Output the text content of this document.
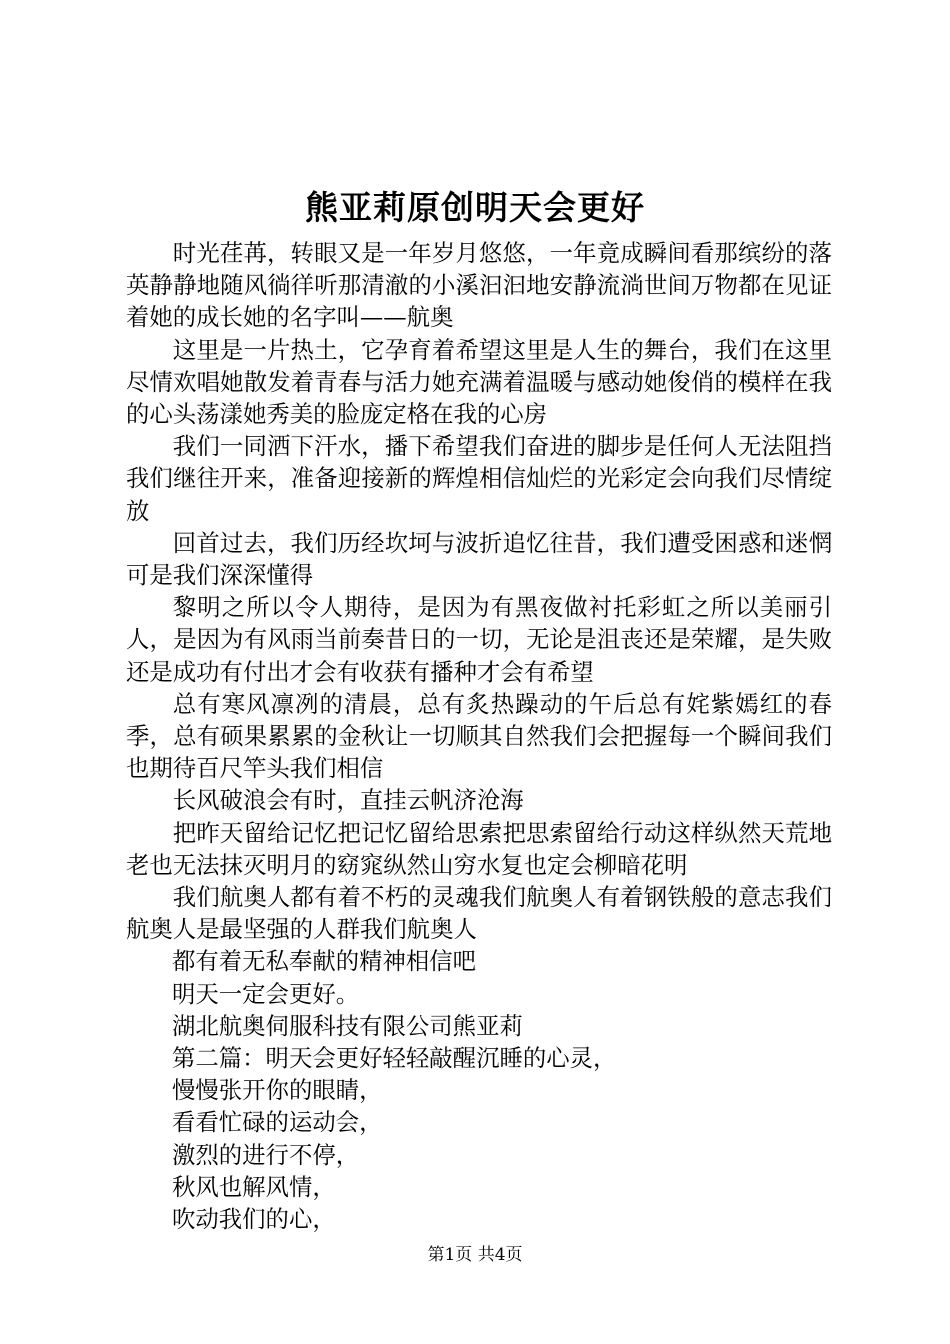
熊亚莉原创明天会更好

时光荏苒，转眼又是一年岁月悠悠，一年竟成瞬间看那缤纷的落英静静地随风徜徉听那清澈的小溪汩汩地安静流淌世间万物都在见证着她的成长她的名字叫——航奥

这里是一片热土，它孕育着希望这里是人生的舞台，我们在这里尽情欢唱她散发着青春与活力她充满着温暖与感动她俊俏的模样在我的心头荡漾她秀美的脸庞定格在我的心房

我们一同洒下汗水，播下希望我们奋进的脚步是任何人无法阻挡我们继往开来，准备迎接新的辉煌相信灿烂的光彩定会向我们尽情绽放

回首过去，我们历经坎坷与波折追忆往昔，我们遭受困惑和迷惘可是我们深深懂得

黎明之所以令人期待，是因为有黑夜做衬托彩虹之所以美丽引人，是因为有风雨当前奏昔日的一切，无论是沮丧还是荣耀，是失败还是成功有付出才会有收获有播种才会有希望

总有寒风凛冽的清晨，总有炙热躁动的午后总有姹紫嫣红的春季，总有硕果累累的金秋让一切顺其自然我们会把握每一个瞬间我们也期待百尺竿头我们相信

长风破浪会有时，直挂云帆济沧海

把昨天留给记忆把记忆留给思索把思索留给行动这样纵然天荒地老也无法抹灭明月的窈窕纵然山穷水复也定会柳暗花明

我们航奥人都有着不朽的灵魂我们航奥人有着钢铁般的意志我们航奥人是最坚强的人群我们航奥人

都有着无私奉献的精神相信吧

明天一定会更好。

湖北航奥伺服科技有限公司熊亚莉

第二篇：明天会更好轻轻敲醒沉睡的心灵，

慢慢张开你的眼睛，

看看忙碌的运动会，

激烈的进行不停，

秋风也解风情，

吹动我们的心，

第1页 共4页
